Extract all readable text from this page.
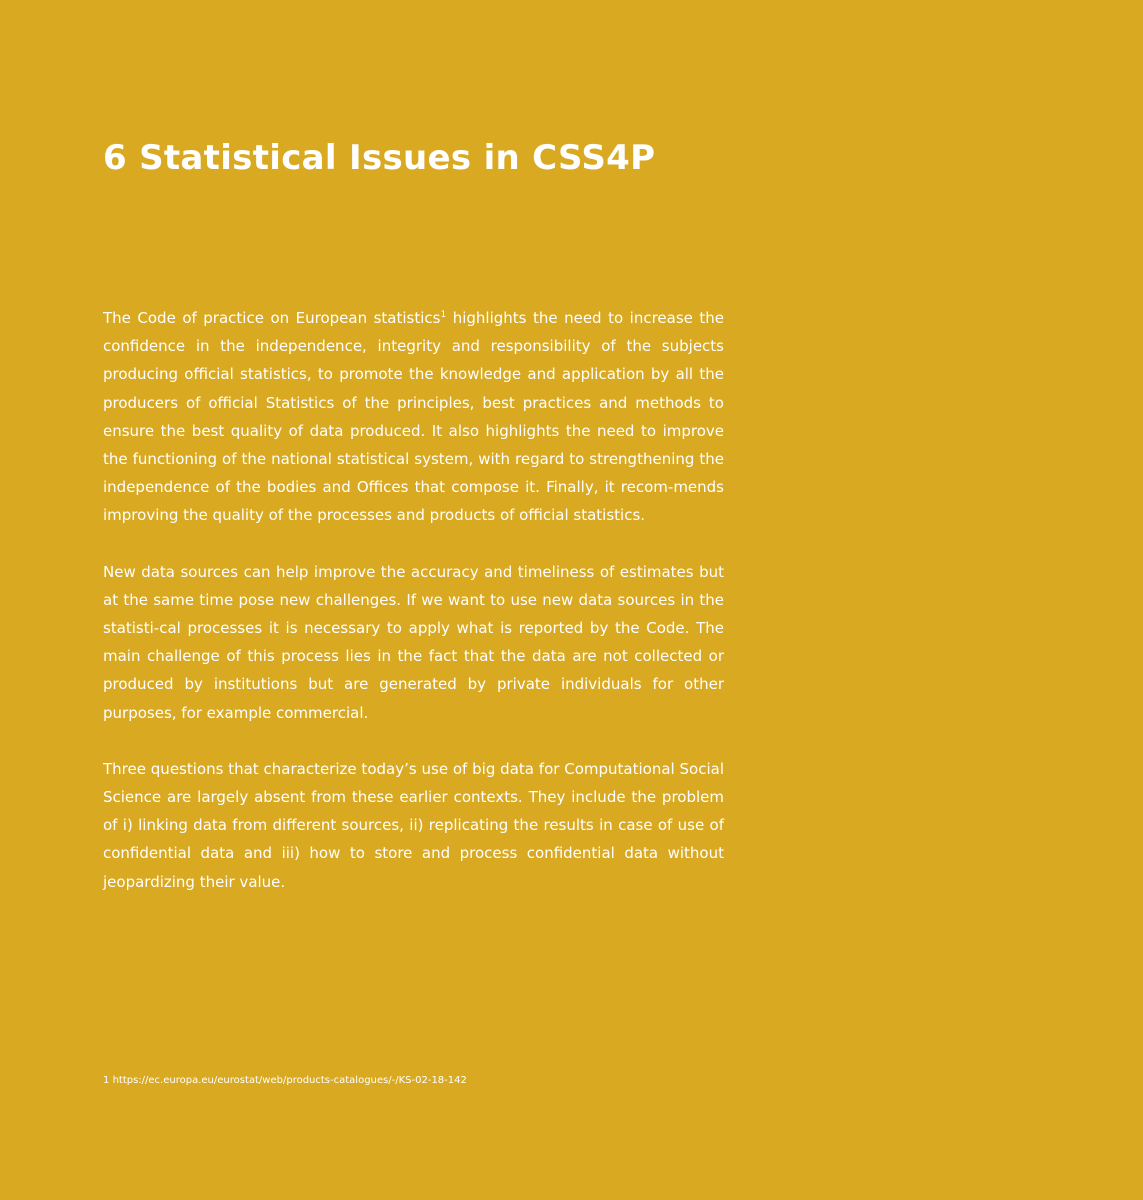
6 Statistical Issues in CSS4P

The Code of practice on European statistics$^1$ highlights the need to increase the confidence in the independence, integrity and responsibility of the subjects producing official statistics, to promote the knowledge and application by all the producers of official Statistics of the principles, best practices and methods to ensure the best quality of data produced. It also highlights the need to improve the functioning of the national statistical system, with regard to strengthening the independence of the bodies and Offices that compose it. Finally, it recom-mends improving the quality of the processes and products of official statistics.

New data sources can help improve the accuracy and timeliness of estimates but at the same time pose new challenges. If we want to use new data sources in the statisti-cal processes it is necessary to apply what is reported by the Code. The main challenge of this process lies in the fact that the data are not collected or produced by institutions but are generated by private individuals for other purposes, for example commercial.

Three questions that characterize today’s use of big data for Computational Social Science are largely absent from these earlier contexts. They include the problem of i) linking data from different sources, ii) replicating the results in case of use of confidential data and iii) how to store and process confidential data without jeopardizing their value.

1 https://ec.europa.eu/eurostat/web/products-catalogues/-/KS-02-18-142
